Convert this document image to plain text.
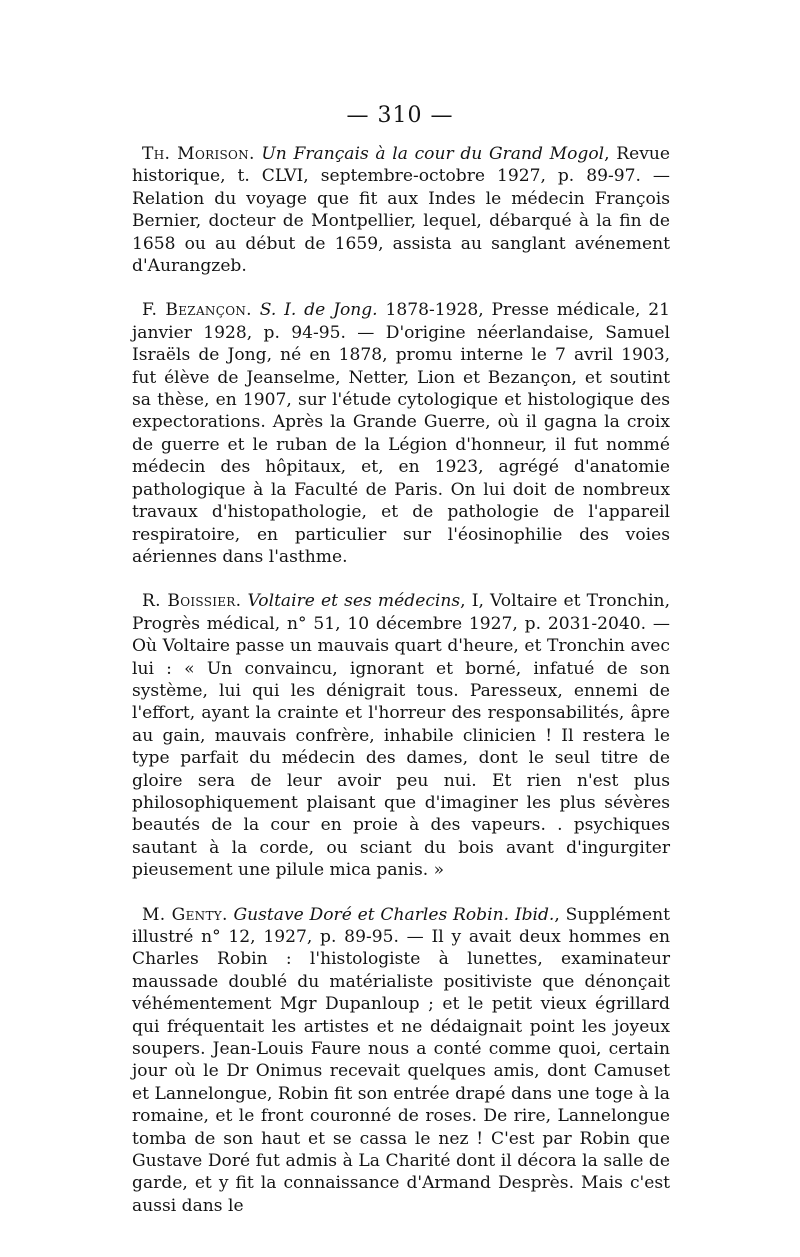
— 310 —

Th. Morison. Un Français à la cour du Grand Mogol, Revue historique, t. CLVI, septembre-octobre 1927, p. 89-97. — Relation du voyage que fit aux Indes le médecin François Bernier, docteur de Montpellier, lequel, débarqué à la fin de 1658 ou au début de 1659, assista au sanglant avénement d'Aurangzeb.

F. Bezançon. S. I. de Jong. 1878-1928, Presse médicale, 21 janvier 1928, p. 94-95. — D'origine néerlandaise, Samuel Israëls de Jong, né en 1878, promu interne le 7 avril 1903, fut élève de Jeanselme, Netter, Lion et Bezançon, et soutint sa thèse, en 1907, sur l'étude cytologique et histologique des expectorations. Après la Grande Guerre, où il gagna la croix de guerre et le ruban de la Légion d'honneur, il fut nommé médecin des hôpitaux, et, en 1923, agrégé d'anatomie pathologique à la Faculté de Paris. On lui doit de nombreux travaux d'histopathologie, et de pathologie de l'appareil respiratoire, en particulier sur l'éosinophilie des voies aériennes dans l'asthme.

R. Boissier. Voltaire et ses médecins, I, Voltaire et Tronchin, Progrès médical, n° 51, 10 décembre 1927, p. 2031-2040. — Où Voltaire passe un mauvais quart d'heure, et Tronchin avec lui : « Un convaincu, ignorant et borné, infatué de son système, lui qui les dénigrait tous. Paresseux, ennemi de l'effort, ayant la crainte et l'horreur des responsabilités, âpre au gain, mauvais confrère, inhabile clinicien ! Il restera le type parfait du médecin des dames, dont le seul titre de gloire sera de leur avoir peu nui. Et rien n'est plus philosophiquement plaisant que d'imaginer les plus sévères beautés de la cour en proie à des vapeurs. . psychiques sautant à la corde, ou sciant du bois avant d'ingurgiter pieusement une pilule mica panis. »

M. Genty. Gustave Doré et Charles Robin. Ibid., Supplément illustré n° 12, 1927, p. 89-95. — Il y avait deux hommes en Charles Robin : l'histologiste à lunettes, examinateur maussade doublé du matérialiste positiviste que dénonçait véhémentement Mgr Dupanloup ; et le petit vieux égrillard qui fréquentait les artistes et ne dédaignait point les joyeux soupers. Jean-Louis Faure nous a conté comme quoi, certain jour où le Dr Onimus recevait quelques amis, dont Camuset et Lannelongue, Robin fit son entrée drapé dans une toge à la romaine, et le front couronné de roses. De rire, Lannelongue tomba de son haut et se cassa le nez ! C'est par Robin que Gustave Doré fut admis à La Charité dont il décora la salle de garde, et y fit la connaissance d'Armand Desprès. Mais c'est aussi dans le
